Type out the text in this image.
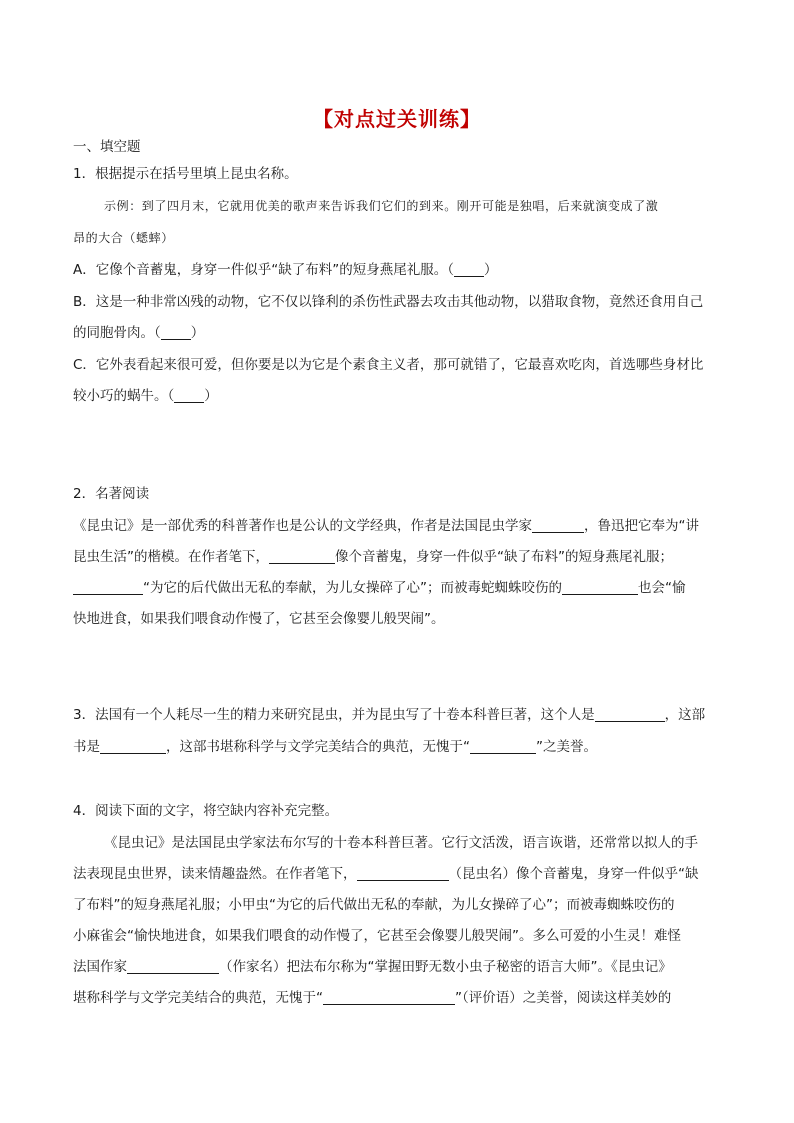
【对点过关训练】
一、填空题
1．根据提示在括号里填上昆虫名称。
示例：到了四月末，它就用优美的歌声来告诉我们它们的到来。刚开可能是独唱，后来就演变成了激
昂的大合（蟋蟀）
A．它像个音蓄鬼，身穿一件似乎“缺了布料”的短身燕尾礼服。（ ）
B．这是一种非常凶残的动物，它不仅以锋利的杀伤性武器去攻击其他动物，以猎取食物，竟然还食用自己
的同胞骨肉。（ ）
C．它外表看起来很可爱，但你要是以为它是个素食主义者，那可就错了，它最喜欢吃肉，首选哪些身材比
较小巧的蜗牛。（ ）
2．名著阅读
《昆虫记》是一部优秀的科普著作也是公认的文学经典，作者是法国昆虫学家	，鲁迅把它奉为“讲
昆虫生活”的楷模。在作者笔下，	像个音蓄鬼，身穿一件似乎“缺了布料”的短身燕尾礼服；
“为它的后代做出无私的奉献，为儿女操碎了心”；而被毒蛇蜘蛛咬伤的	也会“愉
快地进食，如果我们喂食动作慢了，它甚至会像婴儿般哭闹”。
3．法国有一个人耗尽一生的精力来研究昆虫，并为昆虫写了十卷本科普巨著，这个人是	，这部
书是	，这部书堪称科学与文学完美结合的典范，无愧于“	”之美誉。
4．阅读下面的文字，将空缺内容补充完整。
《昆虫记》是法国昆虫学家法布尔写的十卷本科普巨著。它行文活泼，语言诙谐，还常常以拟人的手
法表现昆虫世界，读来情趣盎然。在作者笔下，	（昆虫名）像个音蓄鬼，身穿一件似乎“缺
了布料”的短身燕尾礼服；小甲虫“为它的后代做出无私的奉献，为儿女操碎了心”；而被毒蜘蛛咬伤的
小麻雀会“愉快地进食，如果我们喂食的动作慢了，它甚至会像婴儿般哭闹”。多么可爱的小生灵！难怪
法国作家	（作家名）把法布尔称为“掌握田野无数小虫子秘密的语言大师”。《昆虫记》
堪称科学与文学完美结合的典范，无愧于“	”（评价语）之美誉，阅读这样美妙的
